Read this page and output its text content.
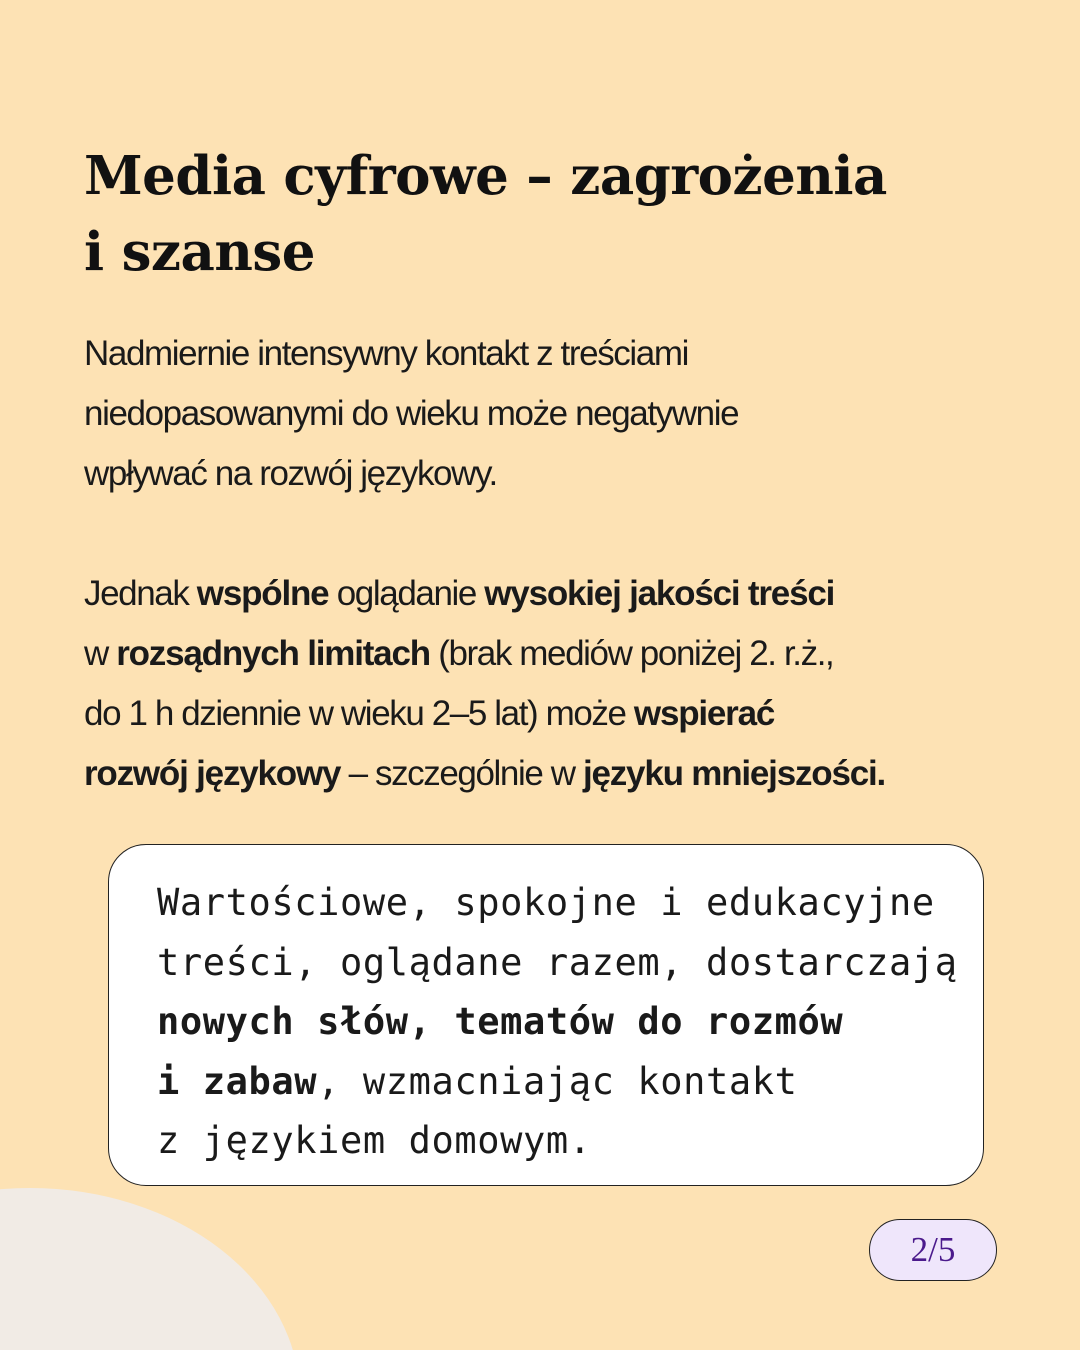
Media cyfrowe – zagrożenia
i szanse

Nadmiernie intensywny kontakt z treściami
niedopasowanymi do wieku może negatywnie
wpływać na rozwój językowy.

Jednak wspólne oglądanie wysokiej jakości treści
w rozsądnych limitach (brak mediów poniżej 2. r.ż.,
do 1 h dziennie w wieku 2–5 lat) może wspierać
rozwój językowy – szczególnie w języku mniejszości.

Wartościowe, spokojne i edukacyjne
treści, oglądane razem, dostarczają
nowych słów, tematów do rozmów
i zabaw, wzmacniając kontakt
z językiem domowym.

2/5
